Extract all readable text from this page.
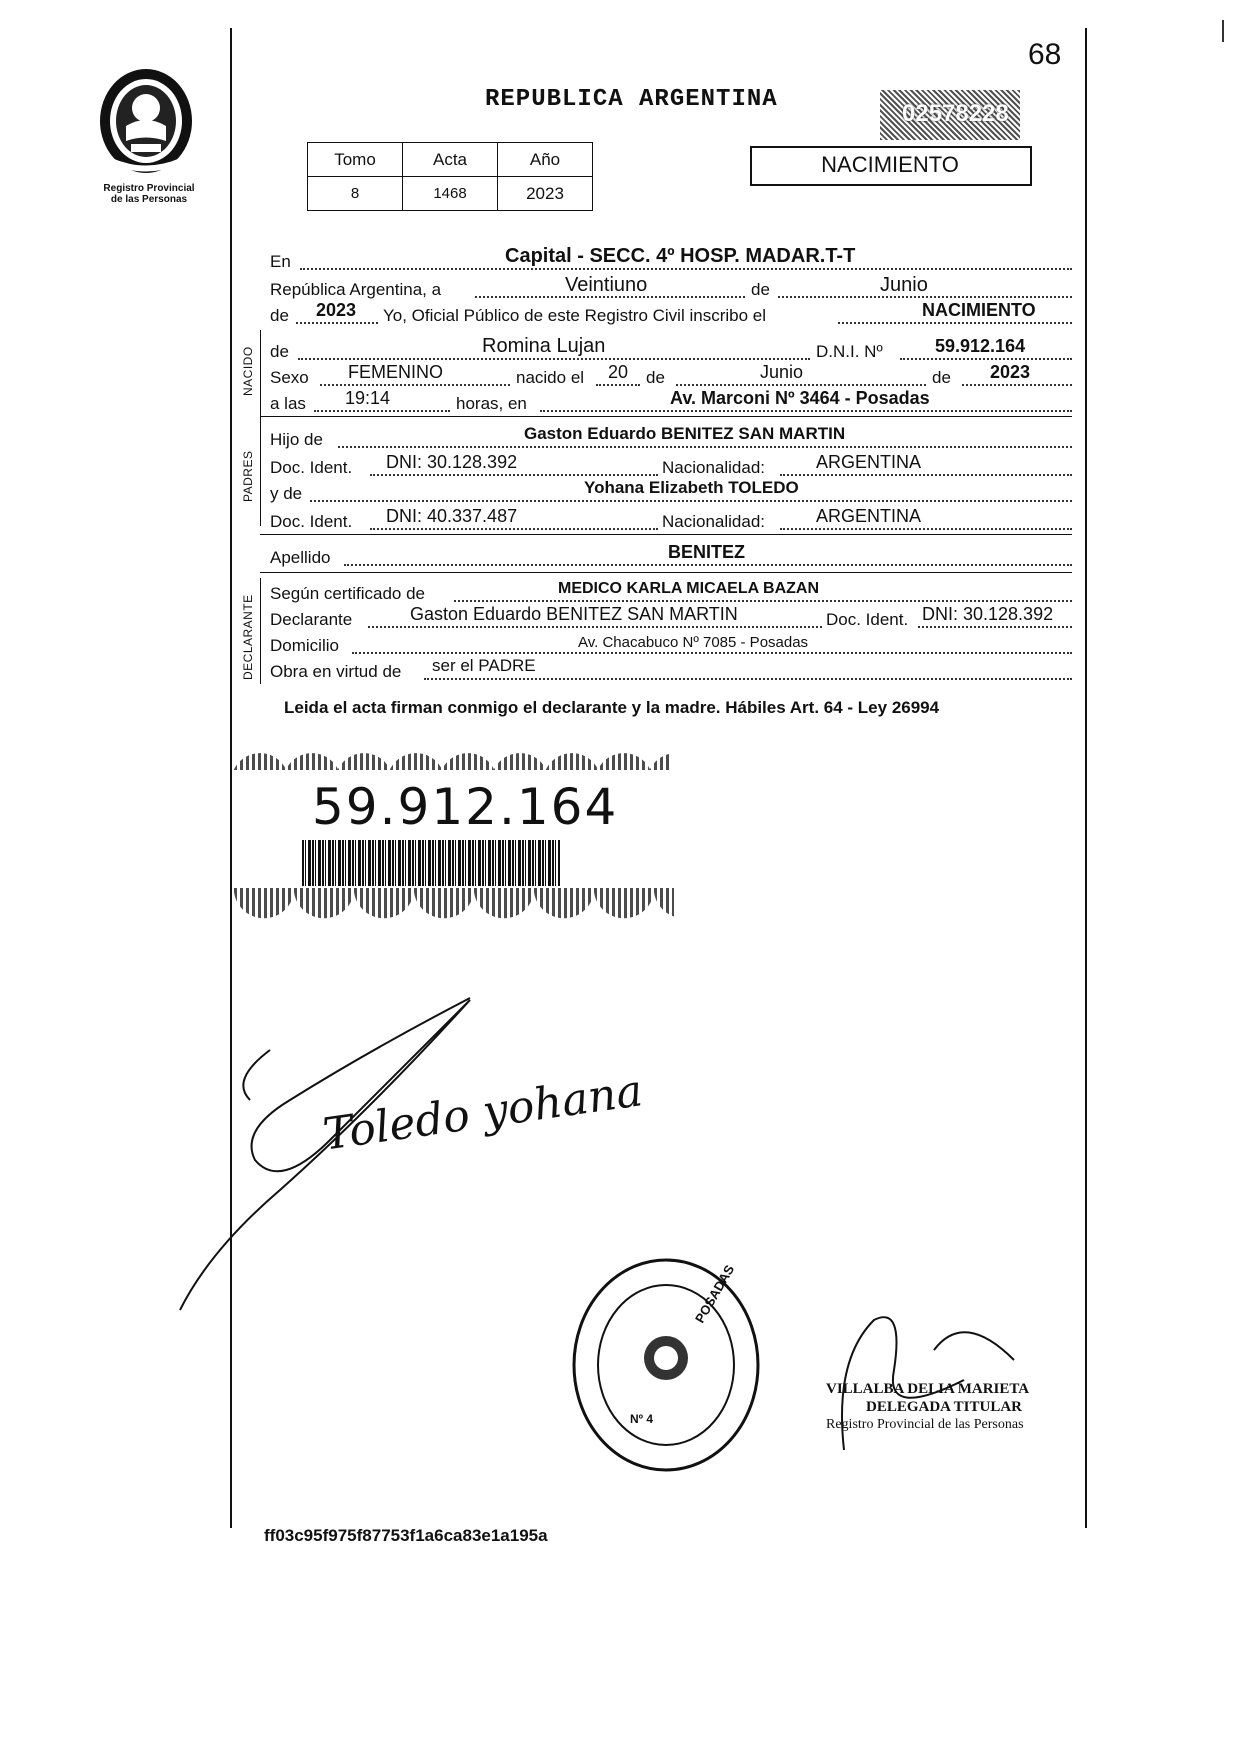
68
Registro Provincial
de las Personas
REPUBLICA ARGENTINA
02578228
Tomo	Acta	Año
8	1468	2023
NACIMIENTO
En	Capital - SECC. 4º HOSP. MADAR.T-T
República Argentina, a	Veintiuno	de	Junio
de 2023 Yo, Oficial Público de este Registro Civil inscribo el	NACIMIENTO
NACIDO de	Romina Lujan	D.N.I. Nº	59.912.164
Sexo FEMENINO	nacido el 20 de	Junio	de 2023
a las 19:14	horas, en	Av. Marconi Nº 3464 - Posadas
PADRES
Hijo de	Gaston Eduardo BENITEZ SAN MARTIN
Doc. Ident. DNI: 30.128.392	Nacionalidad:	ARGENTINA
y de	Yohana Elizabeth TOLEDO
Doc. Ident. DNI: 40.337.487	Nacionalidad:	ARGENTINA
Apellido	BENITEZ
DECLARANTE
Según certificado de	MEDICO KARLA MICAELA BAZAN
Declarante	Gaston Eduardo BENITEZ SAN MARTIN	Doc. Ident. DNI: 30.128.392
Domicilio	Av. Chacabuco Nº 7085 - Posadas
Obra en virtud de ser el PADRE
Leida el acta firman conmigo el declarante y la madre. Hábiles Art. 64 - Ley 26994
59.912.164
Toledo yohana
POSADAS
Nº 4
VILLALBA DELIA MARIETA
DELEGADA TITULAR
Registro Provincial de las Personas
ff03c95f975f87753f1a6ca83e1a195a
